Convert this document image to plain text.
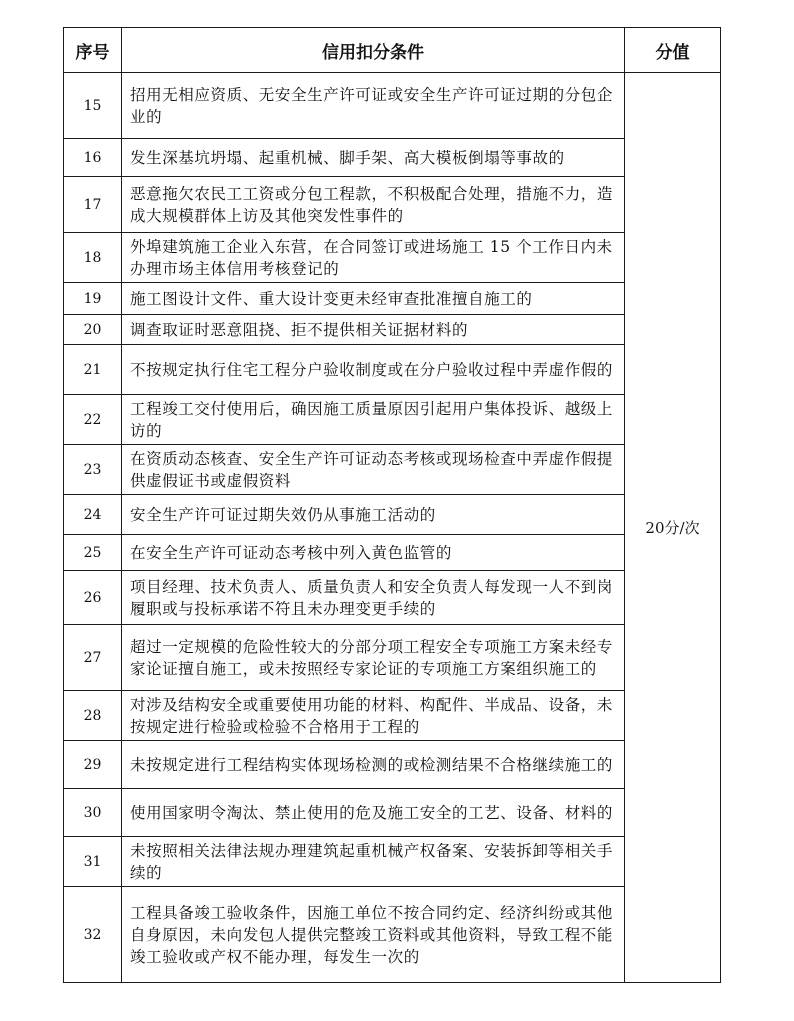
序号	信用扣分条件	分值
15	招用无相应资质、无安全生产许可证或安全生产许可证过期的分包企业的	20分/次
16	发生深基坑坍塌、起重机械、脚手架、高大模板倒塌等事故的	
17	恶意拖欠农民工工资或分包工程款，不积极配合处理，措施不力，造成大规模群体上访及其他突发性事件的	
18	外埠建筑施工企业入东营，在合同签订或进场施工 15 个工作日内未办理市场主体信用考核登记的	
19	施工图设计文件、重大设计变更未经审查批准擅自施工的	
20	调查取证时恶意阻挠、拒不提供相关证据材料的	
21	不按规定执行住宅工程分户验收制度或在分户验收过程中弄虚作假的	
22	工程竣工交付使用后，确因施工质量原因引起用户集体投诉、越级上访的	
23	在资质动态核查、安全生产许可证动态考核或现场检查中弄虚作假提供虚假证书或虚假资料	
24	安全生产许可证过期失效仍从事施工活动的	
25	在安全生产许可证动态考核中列入黄色监管的	
26	项目经理、技术负责人、质量负责人和安全负责人每发现一人不到岗履职或与投标承诺不符且未办理变更手续的	
27	超过一定规模的危险性较大的分部分项工程安全专项施工方案未经专家论证擅自施工，或未按照经专家论证的专项施工方案组织施工的	
28	对涉及结构安全或重要使用功能的材料、构配件、半成品、设备，未按规定进行检验或检验不合格用于工程的	
29	未按规定进行工程结构实体现场检测的或检测结果不合格继续施工的	
30	使用国家明令淘汰、禁止使用的危及施工安全的工艺、设备、材料的	
31	未按照相关法律法规办理建筑起重机械产权备案、安装拆卸等相关手续的	
32	工程具备竣工验收条件，因施工单位不按合同约定、经济纠纷或其他自身原因，未向发包人提供完整竣工资料或其他资料，导致工程不能竣工验收或产权不能办理，每发生一次的	
